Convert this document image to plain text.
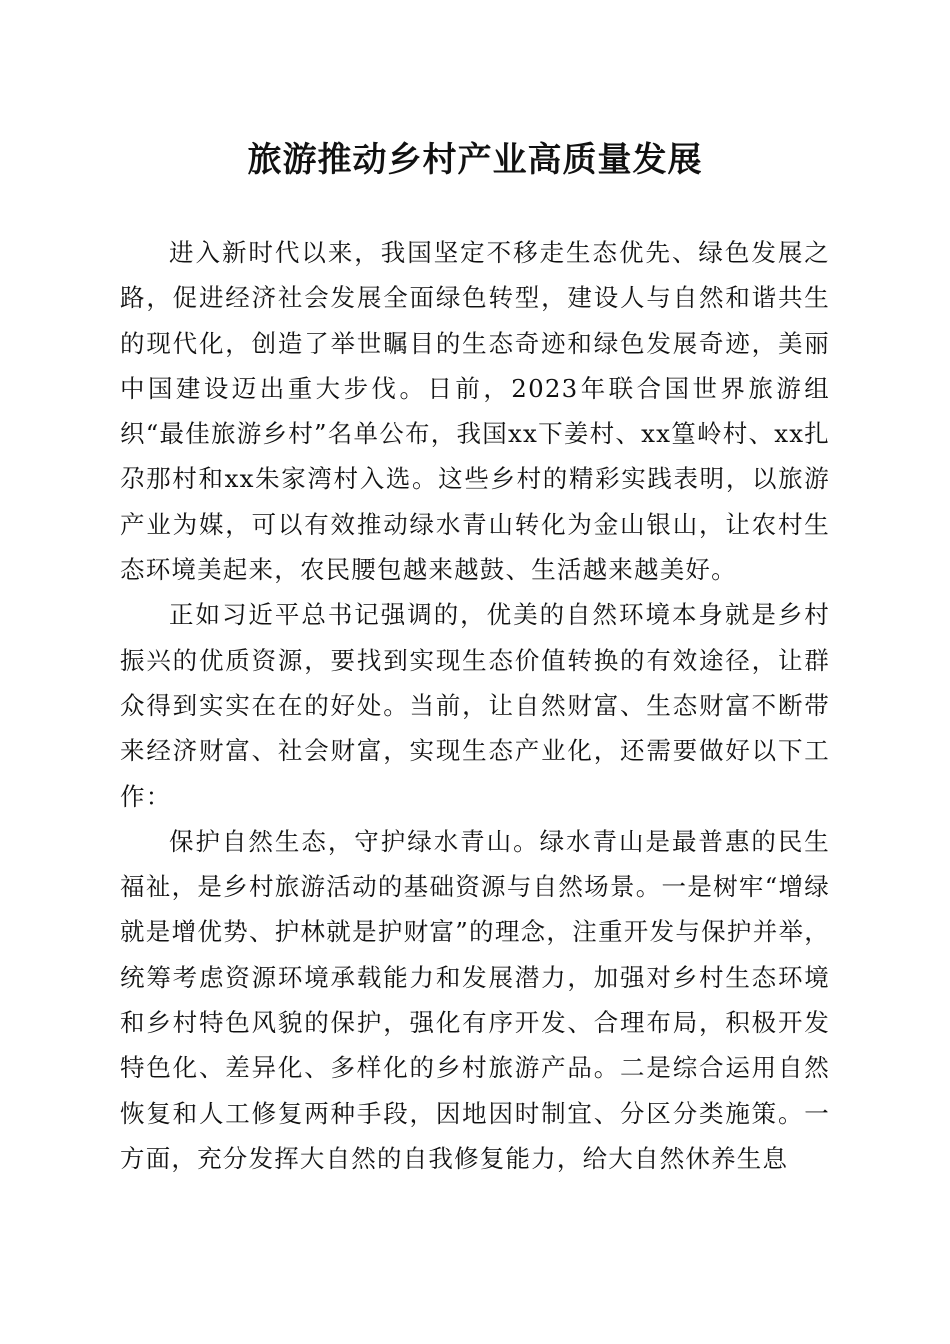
旅游推动乡村产业高质量发展

进入新时代以来，我国坚定不移走生态优先、绿色发展之路，促进经济社会发展全面绿色转型，建设人与自然和谐共生的现代化，创造了举世瞩目的生态奇迹和绿色发展奇迹，美丽中国建设迈出重大步伐。日前，2023年联合国世界旅游组织“最佳旅游乡村”名单公布，我国xx下姜村、xx篁岭村、xx扎尕那村和xx朱家湾村入选。这些乡村的精彩实践表明，以旅游产业为媒，可以有效推动绿水青山转化为金山银山，让农村生态环境美起来，农民腰包越来越鼓、生活越来越美好。

正如习近平总书记强调的，优美的自然环境本身就是乡村振兴的优质资源，要找到实现生态价值转换的有效途径，让群众得到实实在在的好处。当前，让自然财富、生态财富不断带来经济财富、社会财富，实现生态产业化，还需要做好以下工作：

保护自然生态，守护绿水青山。绿水青山是最普惠的民生福祉，是乡村旅游活动的基础资源与自然场景。一是树牢“增绿就是增优势、护林就是护财富”的理念，注重开发与保护并举，统筹考虑资源环境承载能力和发展潜力，加强对乡村生态环境和乡村特色风貌的保护，强化有序开发、合理布局，积极开发特色化、差异化、多样化的乡村旅游产品。二是综合运用自然恢复和人工修复两种手段，因地因时制宜、分区分类施策。一方面，充分发挥大自然的自我修复能力，给大自然休养生息
